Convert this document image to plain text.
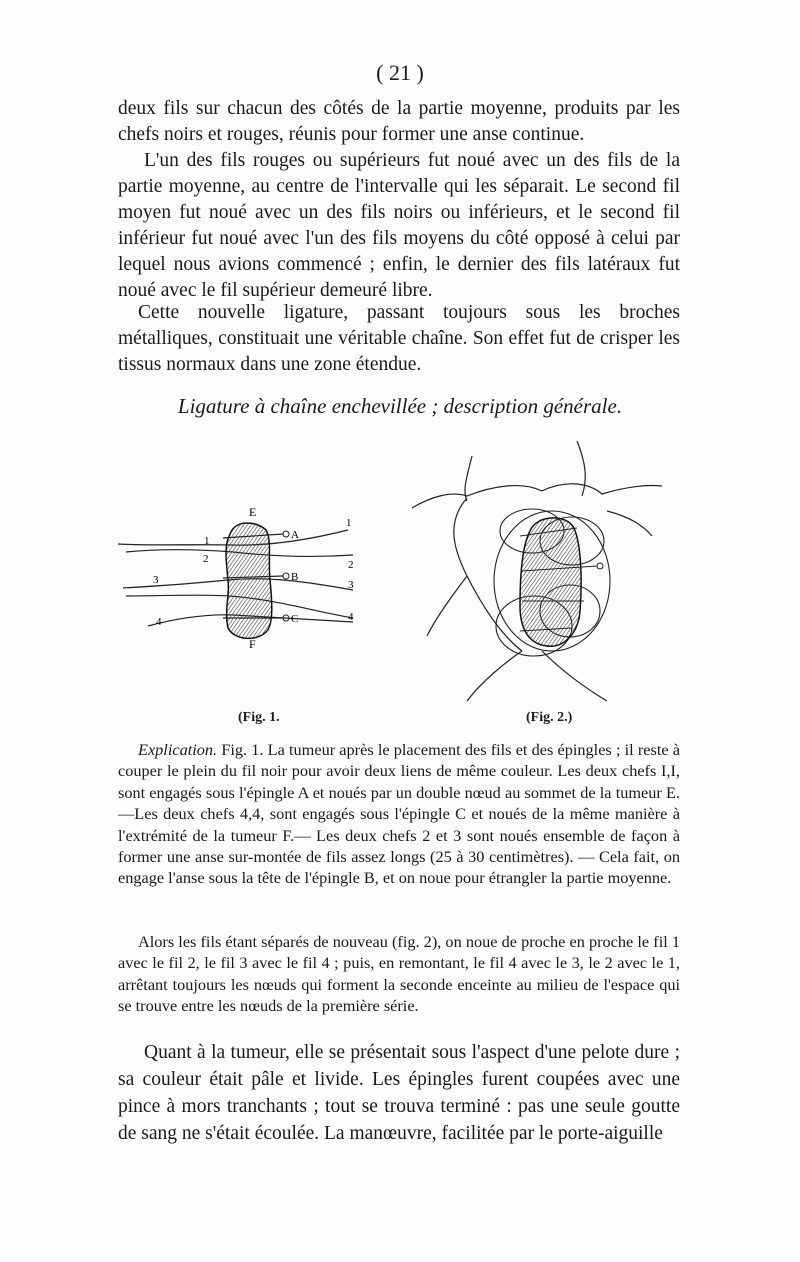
( 21 )

deux fils sur chacun des côtés de la partie moyenne, produits par les chefs noirs et rouges, réunis pour former une anse continue.

L'un des fils rouges ou supérieurs fut noué avec un des fils de la partie moyenne, au centre de l'intervalle qui les séparait. Le second fil moyen fut noué avec un des fils noirs ou inférieurs, et le second fil inférieur fut noué avec l'un des fils moyens du côté opposé à celui par lequel nous avions commencé ; enfin, le dernier des fils latéraux fut noué avec le fil supérieur demeuré libre.

Cette nouvelle ligature, passant toujours sous les broches métalliques, constituait une véritable chaîne. Son effet fut de crisper les tissus normaux dans une zone étendue.

Ligature à chaîne enchevillée ; description générale.
E
F
A
B
C
1
1
2	2
3	3
4	4
(Fig. 1.	(Fig. 2.)

Explication. Fig. 1. La tumeur après le placement des fils et des épingles ; il reste à couper le plein du fil noir pour avoir deux liens de même couleur. Les deux chefs I,I, sont engagés sous l'épingle A et noués par un double nœud au sommet de la tumeur E.—Les deux chefs 4,4, sont engagés sous l'épingle C et noués de la même manière à l'extrémité de la tumeur F.— Les deux chefs 2 et 3 sont noués ensemble de façon à former une anse sur-montée de fils assez longs (25 à 30 centimètres). — Cela fait, on engage l'anse sous la tête de l'épingle B, et on noue pour étrangler la partie moyenne.

Alors les fils étant séparés de nouveau (fig. 2), on noue de proche en proche le fil 1 avec le fil 2, le fil 3 avec le fil 4 ; puis, en remontant, le fil 4 avec le 3, le 2 avec le 1, arrêtant toujours les nœuds qui forment la seconde enceinte au milieu de l'espace qui se trouve entre les nœuds de la première série.

Quant à la tumeur, elle se présentait sous l'aspect d'une pelote dure ; sa couleur était pâle et livide. Les épingles furent coupées avec une pince à mors tranchants ; tout se trouva terminé : pas une seule goutte de sang ne s'était écoulée. La manœuvre, facilitée par le porte-aiguille
